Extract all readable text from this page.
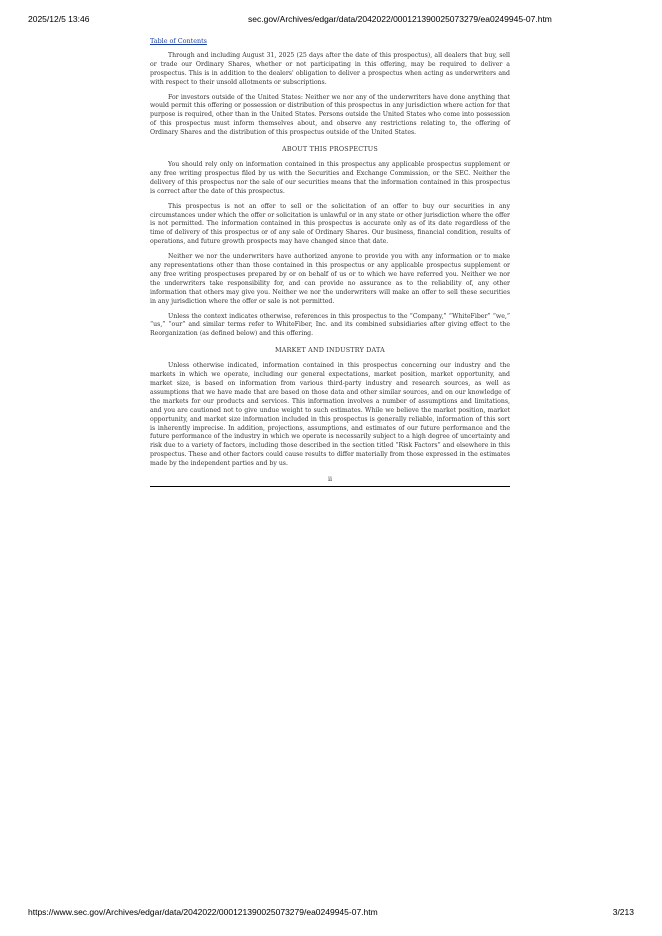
2025/12/5 13:46	sec.gov/Archives/edgar/data/2042022/000121390025073279/ea0249945-07.htm
Table of Contents

Through and including August 31, 2025 (25 days after the date of this prospectus), all dealers that buy, sell or trade our Ordinary Shares, whether or not participating in this offering, may be required to deliver a prospectus. This is in addition to the dealers' obligation to deliver a prospectus when acting as underwriters and with respect to their unsold allotments or subscriptions.

For investors outside of the United States: Neither we nor any of the underwriters have done anything that would permit this offering or possession or distribution of this prospectus in any jurisdiction where action for that purpose is required, other than in the United States. Persons outside the United States who come into possession of this prospectus must inform themselves about, and observe any restrictions relating to, the offering of Ordinary Shares and the distribution of this prospectus outside of the United States.

ABOUT THIS PROSPECTUS

You should rely only on information contained in this prospectus any applicable prospectus supplement or any free writing prospectus filed by us with the Securities and Exchange Commission, or the SEC. Neither the delivery of this prospectus nor the sale of our securities means that the information contained in this prospectus is correct after the date of this prospectus.

This prospectus is not an offer to sell or the solicitation of an offer to buy our securities in any circumstances under which the offer or solicitation is unlawful or in any state or other jurisdiction where the offer is not permitted. The information contained in this prospectus is accurate only as of its date regardless of the time of delivery of this prospectus or of any sale of Ordinary Shares. Our business, financial condition, results of operations, and future growth prospects may have changed since that date.

Neither we nor the underwriters have authorized anyone to provide you with any information or to make any representations other than those contained in this prospectus or any applicable prospectus supplement or any free writing prospectuses prepared by or on behalf of us or to which we have referred you. Neither we nor the underwriters take responsibility for, and can provide no assurance as to the reliability of, any other information that others may give you. Neither we nor the underwriters will make an offer to sell these securities in any jurisdiction where the offer or sale is not permitted.

Unless the context indicates otherwise, references in this prospectus to the “Company,” “WhiteFiber” “we,” “us,” “our” and similar terms refer to WhiteFiber, Inc. and its combined subsidiaries after giving effect to the Reorganization (as defined below) and this offering.

MARKET AND INDUSTRY DATA

Unless otherwise indicated, information contained in this prospectus concerning our industry and the markets in which we operate, including our general expectations, market position, market opportunity, and market size, is based on information from various third-party industry and research sources, as well as assumptions that we have made that are based on those data and other similar sources, and on our knowledge of the markets for our products and services. This information involves a number of assumptions and limitations, and you are cautioned not to give undue weight to such estimates. While we believe the market position, market opportunity, and market size information included in this prospectus is generally reliable, information of this sort is inherently imprecise. In addition, projections, assumptions, and estimates of our future performance and the future performance of the industry in which we operate is necessarily subject to a high degree of uncertainty and risk due to a variety of factors, including those described in the section titled “Risk Factors” and elsewhere in this prospectus. These and other factors could cause results to differ materially from those expressed in the estimates made by the independent parties and by us.

ii
https://www.sec.gov/Archives/edgar/data/2042022/000121390025073279/ea0249945-07.htm	3/213
